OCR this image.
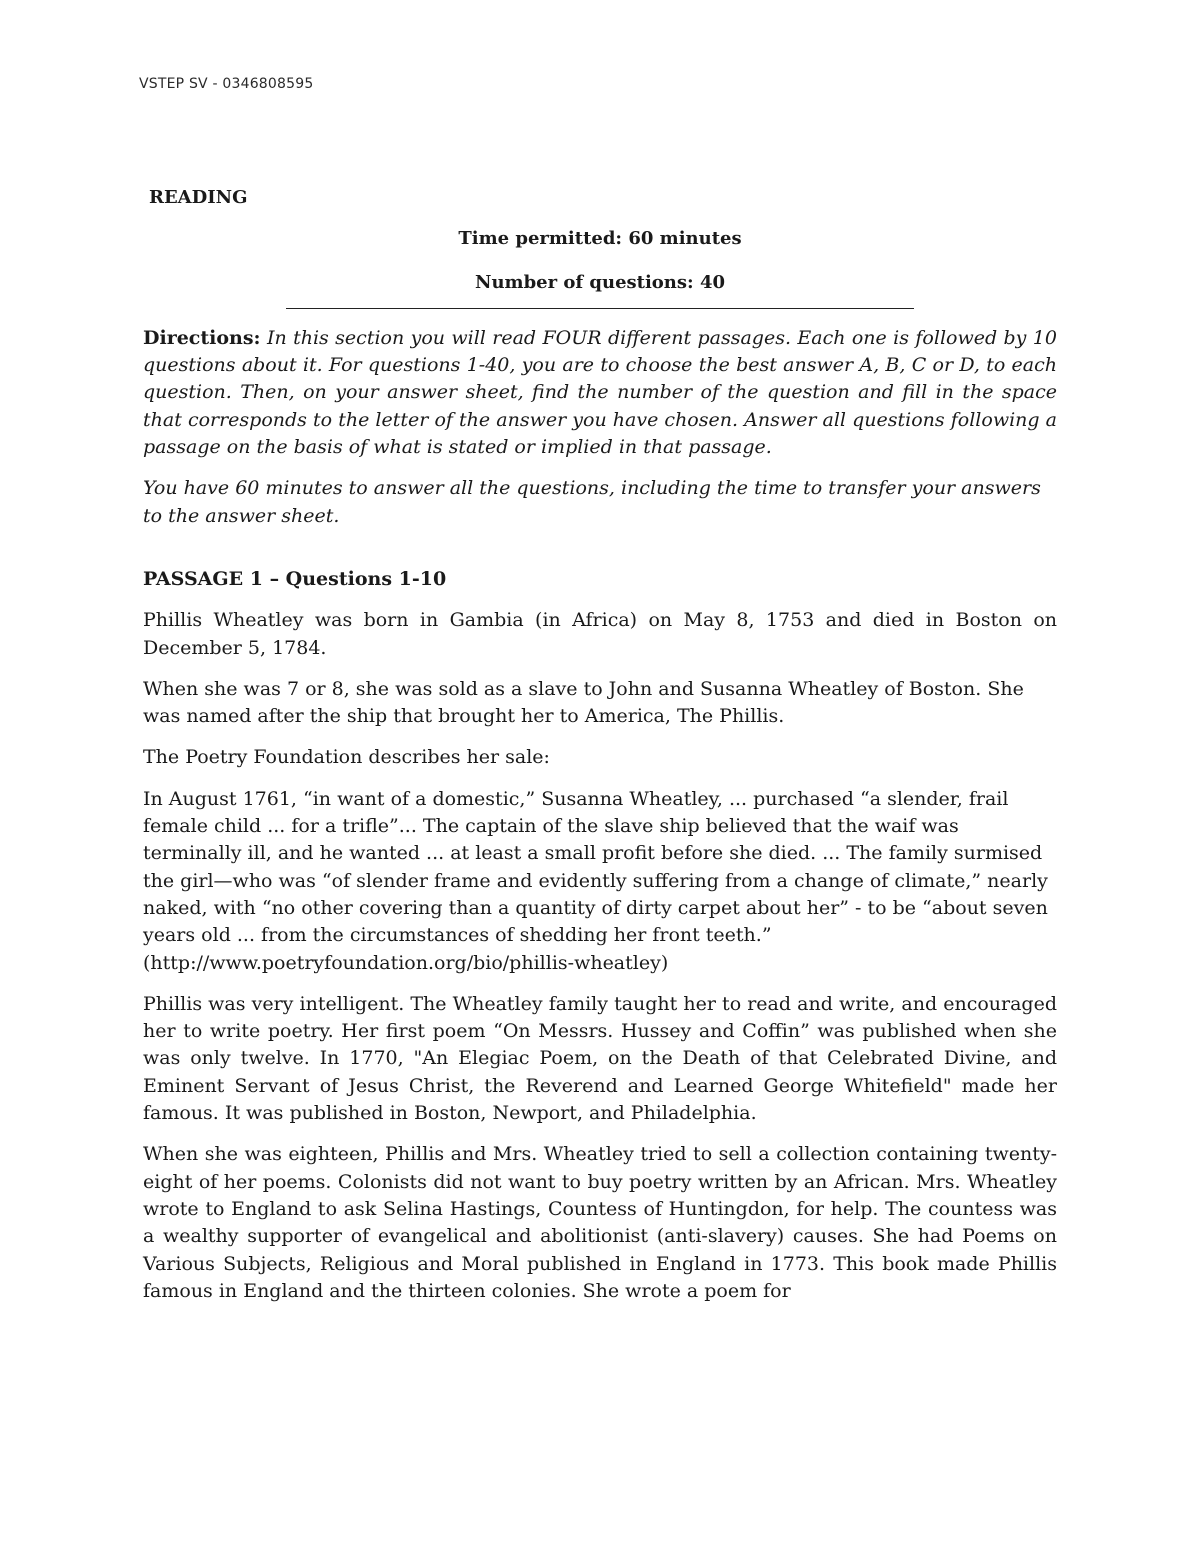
VSTEP SV - 0346808595
READING
Time permitted: 60 minutes
Number of questions: 40

Directions: In this section you will read FOUR different passages. Each one is followed by 10 questions about it. For questions 1-40, you are to choose the best answer A, B, C or D, to each question. Then, on your answer sheet, find the number of the question and fill in the space that corresponds to the letter of the answer you have chosen. Answer all questions following a passage on the basis of what is stated or implied in that passage.

You have 60 minutes to answer all the questions, including the time to transfer your answers to the answer sheet.

PASSAGE 1 – Questions 1-10

Phillis Wheatley was born in Gambia (in Africa) on May 8, 1753 and died in Boston on December 5, 1784.

When she was 7 or 8, she was sold as a slave to John and Susanna Wheatley of Boston. She was named after the ship that brought her to America, The Phillis.

The Poetry Foundation describes her sale:

In August 1761, “in want of a domestic,” Susanna Wheatley, ... purchased “a slender, frail female child ... for a trifle”... The captain of the slave ship believed that the waif was terminally ill, and he wanted ... at least a small profit before she died. ... The family surmised the girl—who was “of slender frame and evidently suffering from a change of climate,” nearly naked, with “no other covering than a quantity of dirty carpet about her” - to be “about seven years old ... from the circumstances of shedding her front teeth.” (http://www.poetryfoundation.org/bio/phillis-wheatley)

Phillis was very intelligent. The Wheatley family taught her to read and write, and encouraged her to write poetry. Her first poem “On Messrs. Hussey and Coffin” was published when she was only twelve. In 1770, "An Elegiac Poem, on the Death of that Celebrated Divine, and Eminent Servant of Jesus Christ, the Reverend and Learned George Whitefield" made her famous. It was published in Boston, Newport, and Philadelphia.

When she was eighteen, Phillis and Mrs. Wheatley tried to sell a collection containing twenty-eight of her poems. Colonists did not want to buy poetry written by an African. Mrs. Wheatley wrote to England to ask Selina Hastings, Countess of Huntingdon, for help. The countess was a wealthy supporter of evangelical and abolitionist (anti-slavery) causes. She had Poems on Various Subjects, Religious and Moral published in England in 1773. This book made Phillis famous in England and the thirteen colonies. She wrote a poem for
